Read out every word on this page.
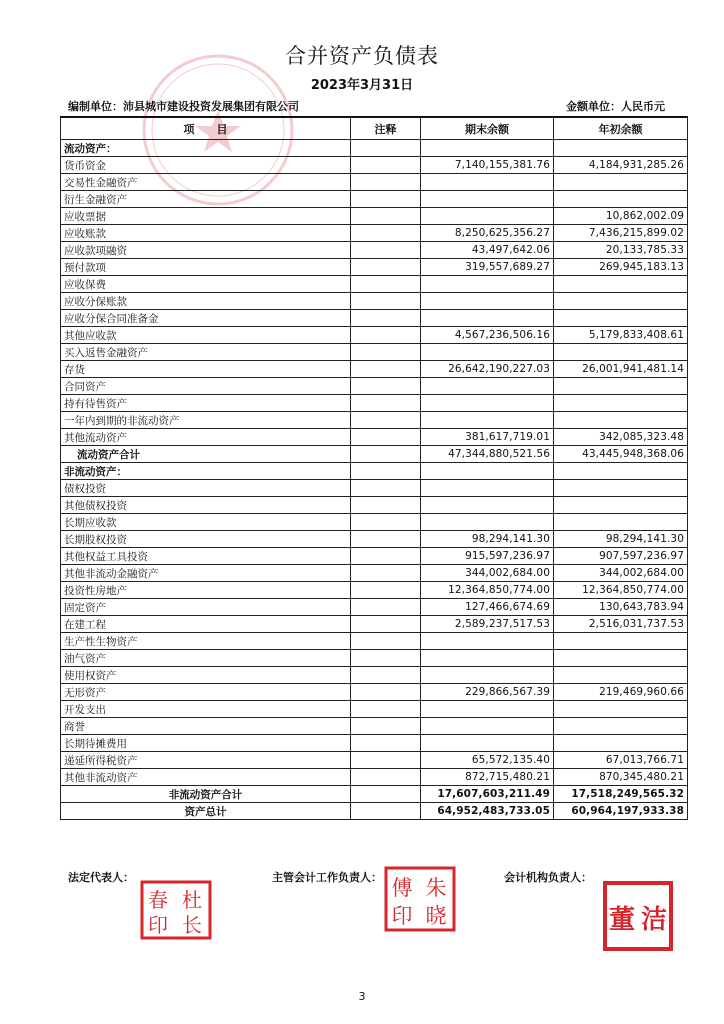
合并资产负债表
2023年3月31日
编制单位：沛县城市建设投资发展集团有限公司	金额单位：人民币元
项　　目	注释	期末余额	年初余额
流动资产：			
货币资金		7,140,155,381.76	4,184,931,285.26
交易性金融资产			
衍生金融资产			
应收票据			10,862,002.09
应收账款		8,250,625,356.27	7,436,215,899.02
应收款项融资		43,497,642.06	20,133,785.33
预付款项		319,557,689.27	269,945,183.13
应收保费			
应收分保账款			
应收分保合同准备金			
其他应收款		4,567,236,506.16	5,179,833,408.61
买入返售金融资产			
存货		26,642,190,227.03	26,001,941,481.14
合同资产			
持有待售资产			
一年内到期的非流动资产			
其他流动资产		381,617,719.01	342,085,323.48
流动资产合计		47,344,880,521.56	43,445,948,368.06
非流动资产：			
债权投资			
其他债权投资			
长期应收款			
长期股权投资		98,294,141.30	98,294,141.30
其他权益工具投资		915,597,236.97	907,597,236.97
其他非流动金融资产		344,002,684.00	344,002,684.00
投资性房地产		12,364,850,774.00	12,364,850,774.00
固定资产		127,466,674.69	130,643,783.94
在建工程		2,589,237,517.53	2,516,031,737.53
生产性生物资产			
油气资产			
使用权资产			
无形资产		229,866,567.39	219,469,960.66
开发支出			
商誉			
长期待摊费用			
递延所得税资产		65,572,135.40	67,013,766.71
其他非流动资产		872,715,480.21	870,345,480.21
非流动资产合计		17,607,603,211.49	17,518,249,565.32
资产总计		64,952,483,733.05	60,964,197,933.38
法定代表人：	主管会计工作负责人：	会计机构负责人：
春 杜
印 长
傅 朱
印 晓	董 洁
3
